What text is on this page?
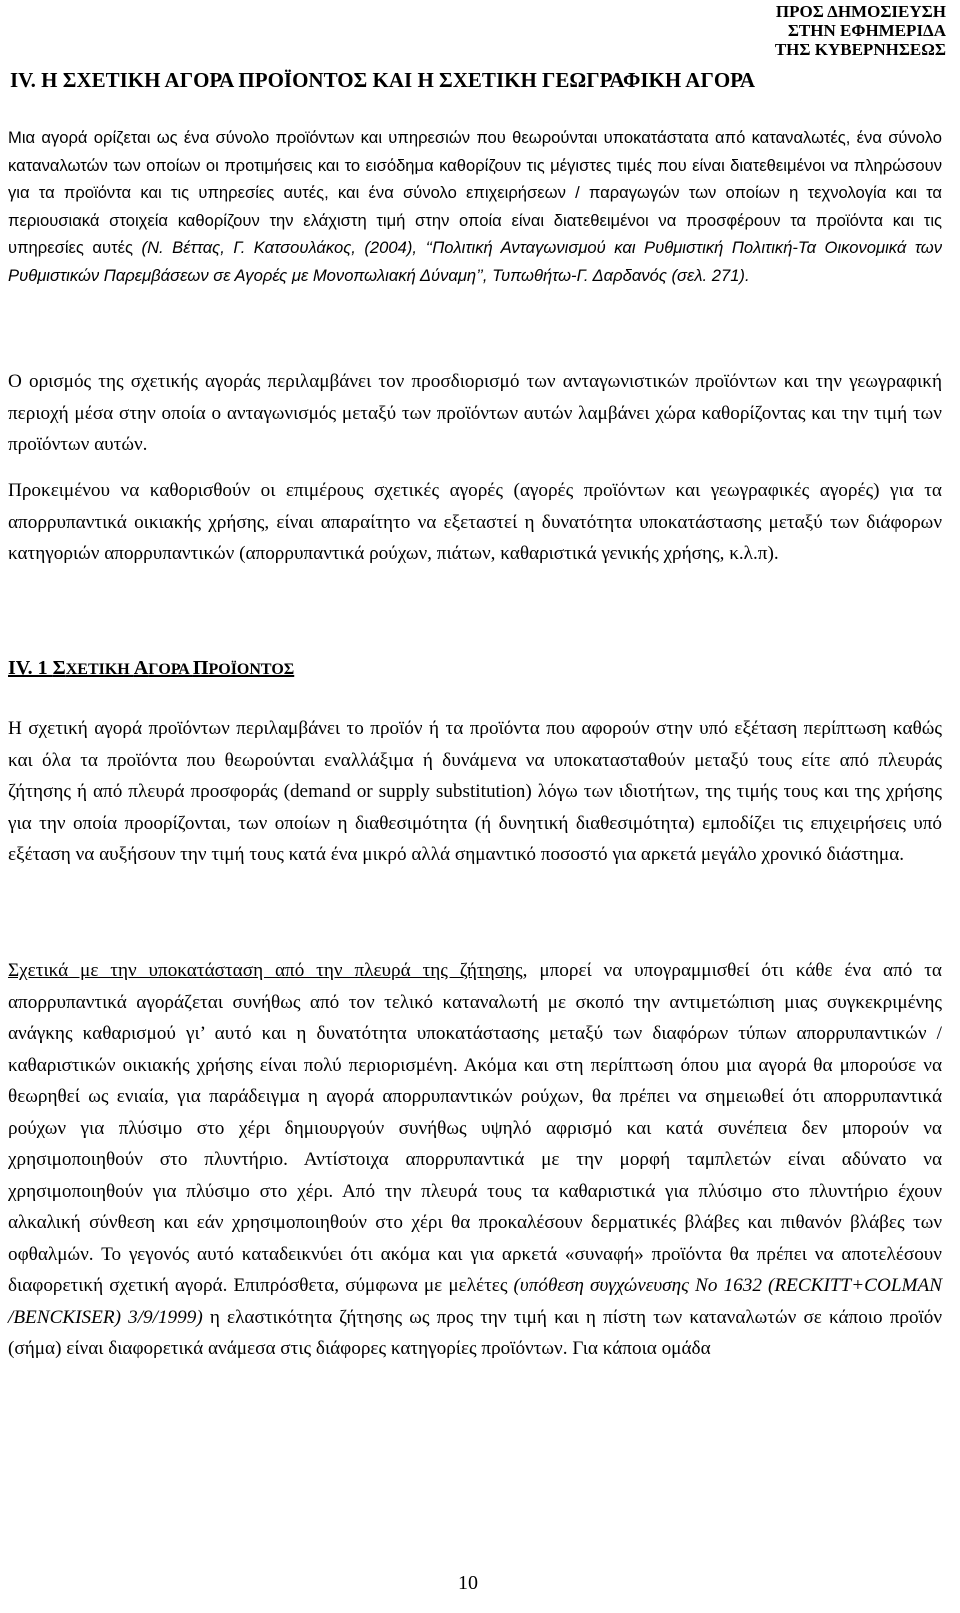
ΠΡΟΣ ΔΗΜΟΣΙΕΥΣΗ
ΣΤΗΝ ΕΦΗΜΕΡΙΔΑ
ΤΗΣ ΚΥΒΕΡΝΗΣΕΩΣ
IV. Η ΣΧΕΤΙΚΗ ΑΓΟΡΑ ΠΡΟΪΟΝΤΟΣ ΚΑΙ Η ΣΧΕΤΙΚΗ ΓΕΩΓΡΑΦΙΚΗ ΑΓΟΡΑ
Μια αγορά ορίζεται ως ένα σύνολο προϊόντων και υπηρεσιών που θεωρούνται υποκατάστατα από καταναλωτές, ένα σύνολο καταναλωτών των οποίων οι προτιμήσεις και το εισόδημα καθορίζουν τις μέγιστες τιμές που είναι διατεθειμένοι να πληρώσουν για τα προϊόντα και τις υπηρεσίες αυτές, και ένα σύνολο επιχειρήσεων / παραγωγών των οποίων η τεχνολογία και τα περιουσιακά στοιχεία καθορίζουν την ελάχιστη τιμή στην οποία είναι διατεθειμένοι να προσφέρουν τα προϊόντα και τις υπηρεσίες αυτές (Ν. Βέττας, Γ. Κατσουλάκος, (2004), ‘‘Πολιτική Ανταγωνισμού και Ρυθμιστική Πολιτική-Τα Οικονομικά των Ρυθμιστικών Παρεμβάσεων σε Αγορές με Μονοπωλιακή Δύναμη’’, Τυπωθήτω-Γ. Δαρδανός (σελ. 271).
Ο ορισμός της σχετικής αγοράς περιλαμβάνει τον προσδιορισμό των ανταγωνιστικών προϊόντων και την γεωγραφική περιοχή μέσα στην οποία ο ανταγωνισμός μεταξύ των προϊόντων αυτών λαμβάνει χώρα καθορίζοντας και την τιμή των προϊόντων αυτών.
Προκειμένου να καθορισθούν οι επιμέρους σχετικές αγορές (αγορές προϊόντων και γεωγραφικές αγορές) για τα απορρυπαντικά οικιακής χρήσης, είναι απαραίτητο να εξεταστεί η δυνατότητα υποκατάστασης μεταξύ των διάφορων κατηγοριών απορρυπαντικών (απορρυπαντικά ρούχων, πιάτων, καθαριστικά γενικής χρήσης, κ.λ.π).
IV. 1 ΣΧΕΤΙΚΗ ΑΓΟΡΑ ΠΡΟΪΟΝΤΟΣ
Η σχετική αγορά προϊόντων περιλαμβάνει το προϊόν ή τα προϊόντα που αφορούν στην υπό εξέταση περίπτωση καθώς και όλα τα προϊόντα που θεωρούνται εναλλάξιμα ή δυνάμενα να υποκατασταθούν μεταξύ τους είτε από πλευράς ζήτησης ή από πλευρά προσφοράς (demand or supply substitution) λόγω των ιδιοτήτων, της τιμής τους και της χρήσης για την οποία προορίζονται, των οποίων η διαθεσιμότητα (ή δυνητική διαθεσιμότητα) εμποδίζει τις επιχειρήσεις υπό εξέταση να αυξήσουν την τιμή τους κατά ένα μικρό αλλά σημαντικό ποσοστό για αρκετά μεγάλο χρονικό διάστημα.
Σχετικά με την υποκατάσταση από την πλευρά της ζήτησης, μπορεί να υπογραμμισθεί ότι κάθε ένα από τα απορρυπαντικά αγοράζεται συνήθως από τον τελικό καταναλωτή με σκοπό την αντιμετώπιση μιας συγκεκριμένης ανάγκης καθαρισμού γι’ αυτό και η δυνατότητα υποκατάστασης μεταξύ των διαφόρων τύπων απορρυπαντικών / καθαριστικών οικιακής χρήσης είναι πολύ περιορισμένη. Ακόμα και στη περίπτωση όπου μια αγορά θα μπορούσε να θεωρηθεί ως ενιαία, για παράδειγμα η αγορά απορρυπαντικών ρούχων, θα πρέπει να σημειωθεί ότι απορρυπαντικά ρούχων για πλύσιμο στο χέρι δημιουργούν συνήθως υψηλό αφρισμό και κατά συνέπεια δεν μπορούν να χρησιμοποιηθούν στο πλυντήριο. Αντίστοιχα απορρυπαντικά με την μορφή ταμπλετών είναι αδύνατο να χρησιμοποιηθούν για πλύσιμο στο χέρι. Από την πλευρά τους τα καθαριστικά για πλύσιμο στο πλυντήριο έχουν αλκαλική σύνθεση και εάν χρησιμοποιηθούν στο χέρι θα προκαλέσουν δερματικές βλάβες και πιθανόν βλάβες των οφθαλμών. Το γεγονός αυτό καταδεικνύει ότι ακόμα και για αρκετά «συναφή» προϊόντα θα πρέπει να αποτελέσουν διαφορετική σχετική αγορά. Επιπρόσθετα, σύμφωνα με μελέτες (υπόθεση συγχώνευσης Νο 1632 (RECKITT+COLMAN /BENCKISER) 3/9/1999) η ελαστικότητα ζήτησης ως προς την τιμή και η πίστη των καταναλωτών σε κάποιο προϊόν (σήμα) είναι διαφορετικά ανάμεσα στις διάφορες κατηγορίες προϊόντων. Για κάποια ομάδα
10
